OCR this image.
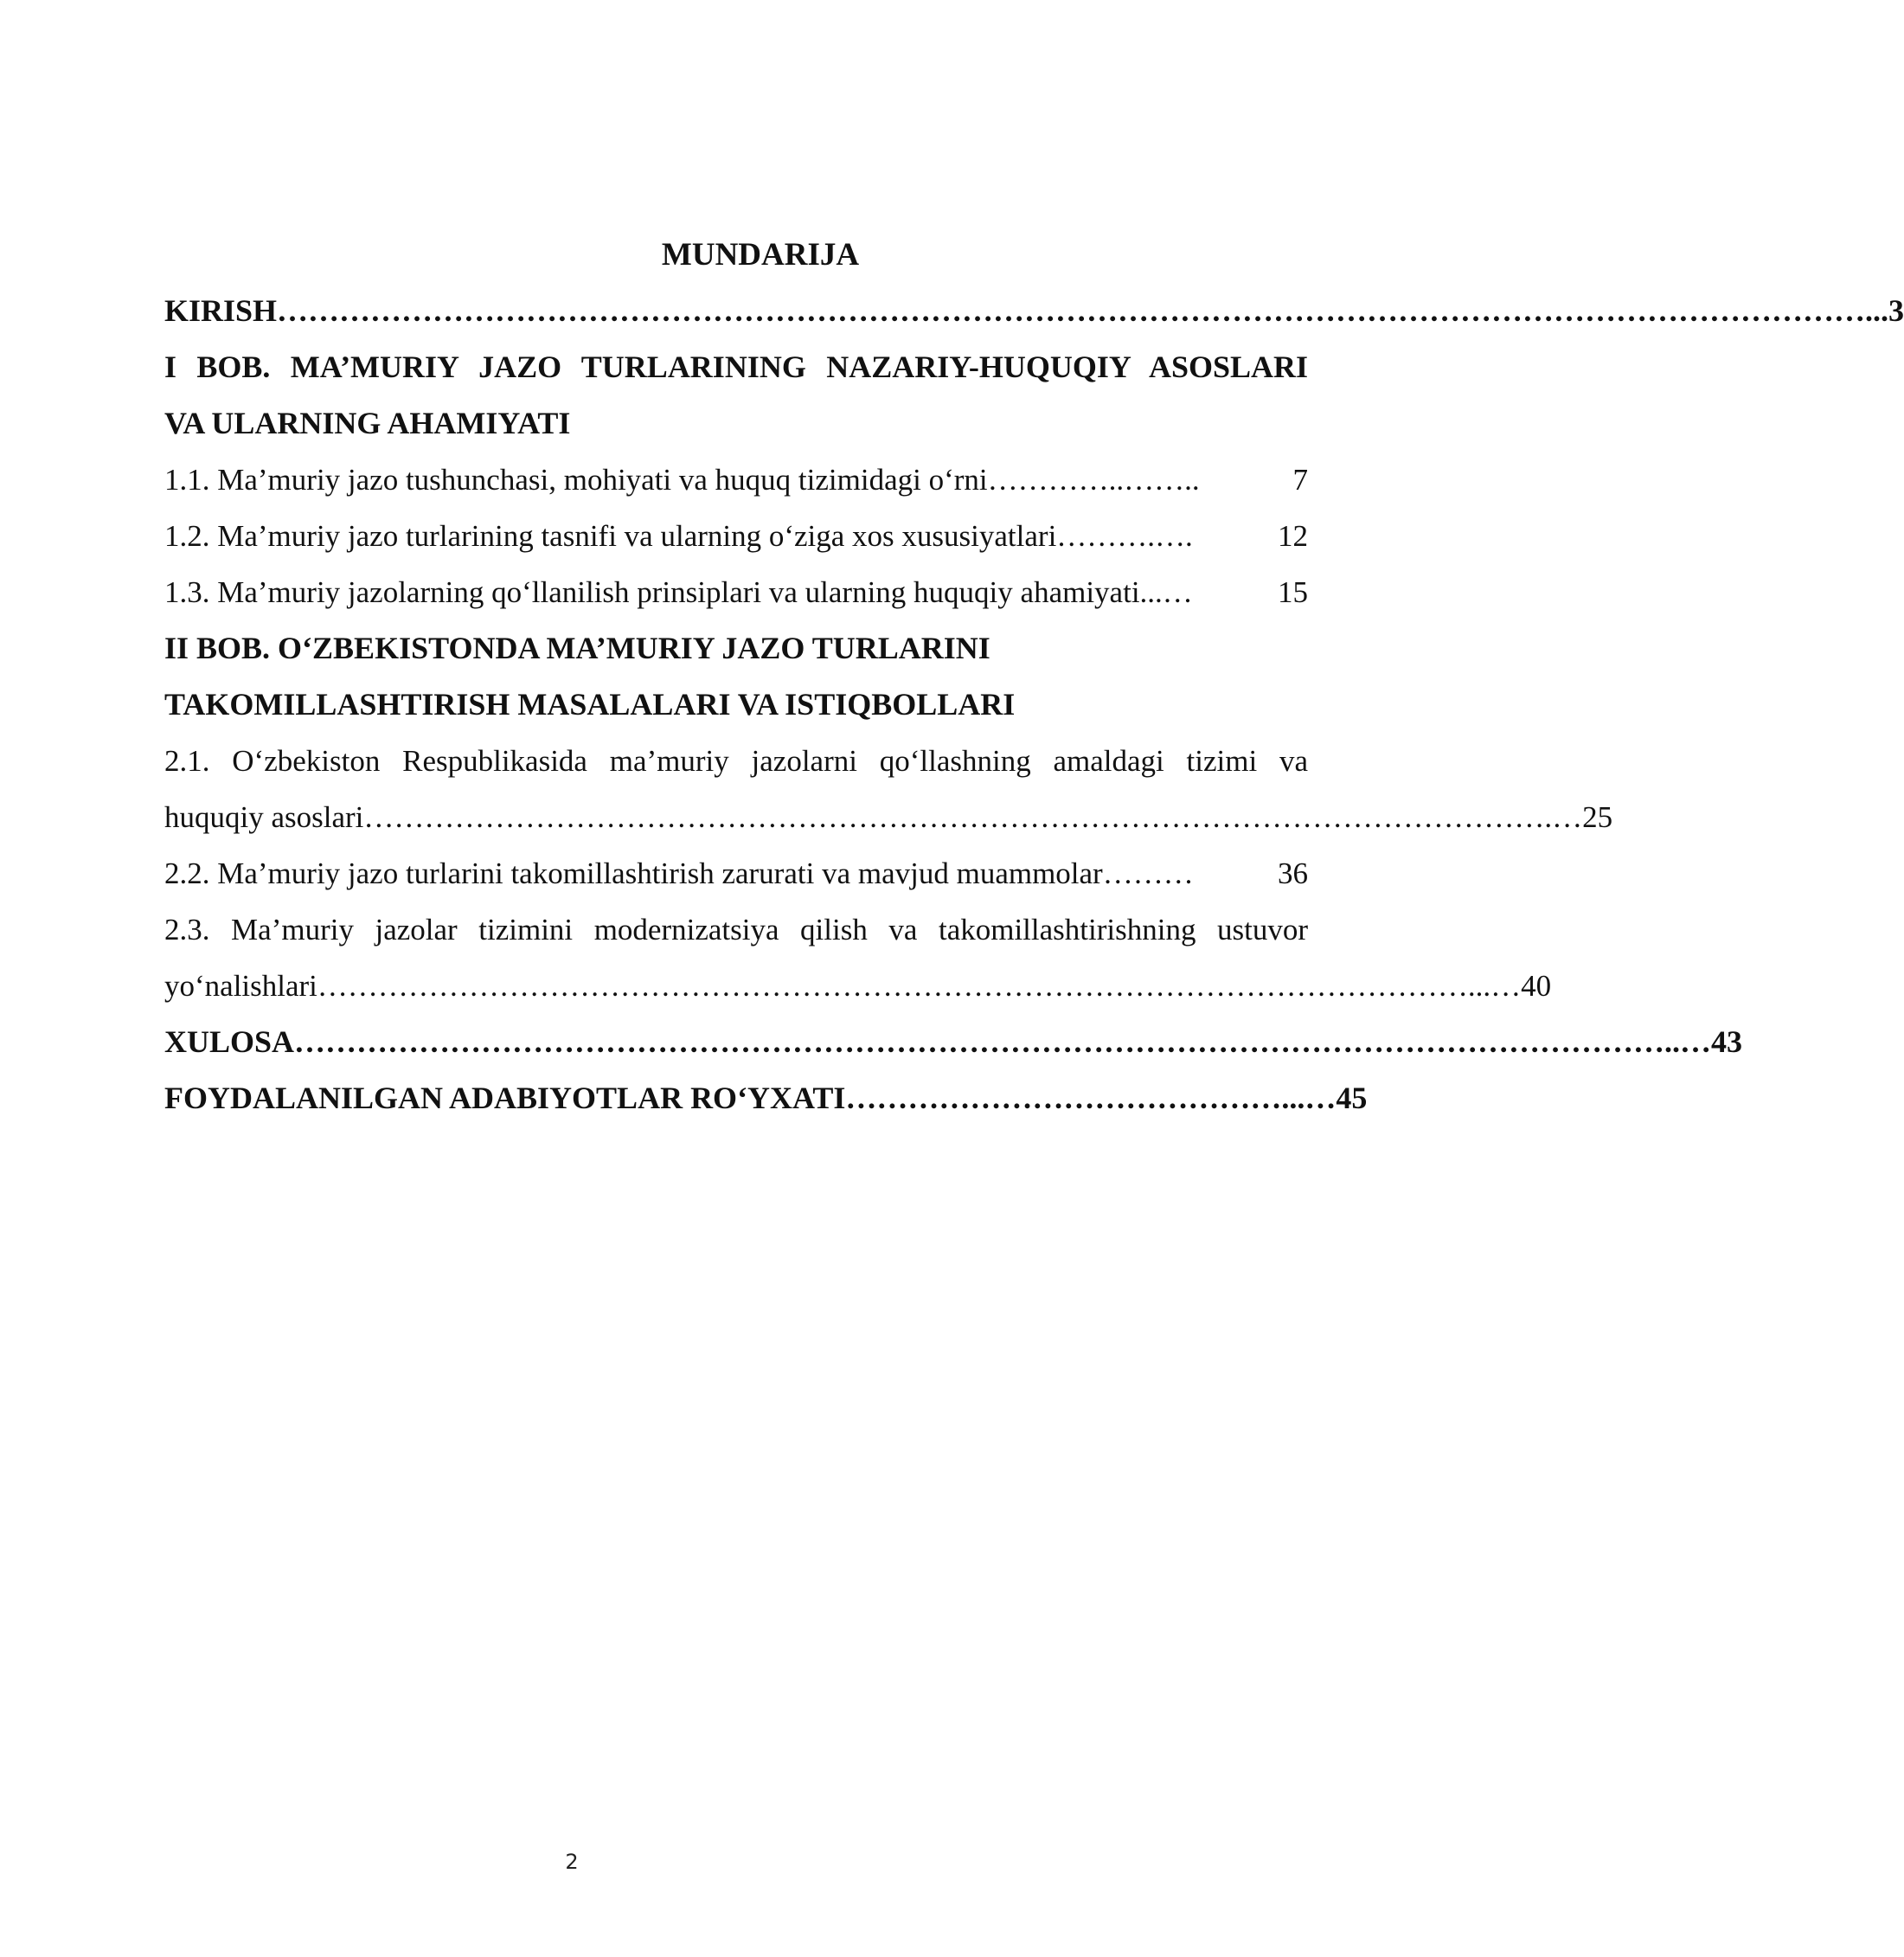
MUNDARIJA
KIRISH ………………………………………………………………………………………………………………………………………... 3
I BOB. MA’MURIY JAZO TURLARINING NAZARIY-HUQUQIY ASOSLARI
VA ULARNING AHAMIYATI
1.1. Ma’muriy jazo tushunchasi, mohiyati va huquq tizimidagi o‘rni …………..……..	7
1.2. Ma’muriy jazo turlarining tasnifi va ularning o‘ziga xos xususiyatlari ……….….	12
1.3. Ma’muriy jazolarning qo‘llanilish prinsiplari va ularning huquqiy ahamiyati ...…	15
II BOB. O‘ZBEKISTONDA MA’MURIY JAZO TURLARINI
TAKOMILLASHTIRISH MASALALARI VA ISTIQBOLLARI
2.1. O‘zbekiston Respublikasida ma’muriy jazolarni qo‘llashning amaldagi tizimi va
huquqiy asoslari ……………………………………………………………………………………………………….… 25
2.2. Ma’muriy jazo turlarini takomillashtirish zarurati va mavjud muammolar ………	36
2.3. Ma’muriy jazolar tizimini modernizatsiya qilish va takomillashtirishning ustuvor
yo‘nalishlari ……………………………………………………………………………………………………...… 40
XULOSA ……………………………………………………………………………………………………………………..… 43
FOYDALANILGAN ADABIYOTLAR RO‘YXATI ……………………………………...… 45
2
